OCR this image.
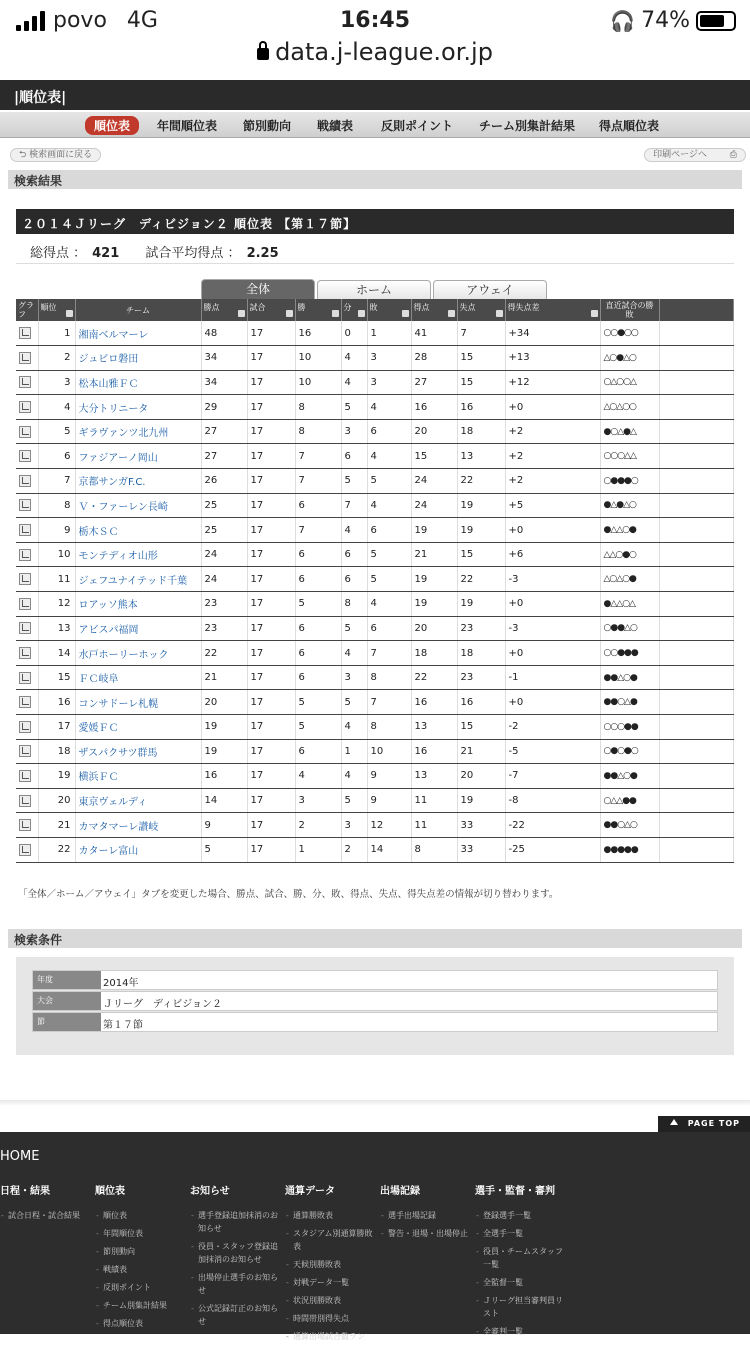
povo 4G	16:45	🎧 74%
data.j-league.or.jp
|順位表|
順位表	年間順位表 節別動向 戦績表 反則ポイント チーム別集計結果 得点順位表
⮌ 検索画面に戻る	印刷ページへ	⎙
検索結果
２０１４Ｊリーグ　ディビジョン２ 順位表 【第１７節】
総得点 ： 421 試合平均得点 ： 2.25
全体	ホーム	アウェイ
グラフ	順位	チーム	勝点	試合	勝	分	敗	得点	失点	得失点差	直近試合の勝敗	
	1	湘南ベルマーレ	48	17	16	0	1	41	7	+34	○○●○○	
	2	ジュビロ磐田	34	17	10	4	3	28	15	+13	△○●△○	
	3	松本山雅ＦＣ	34	17	10	4	3	27	15	+12	○△○○△	
	4	大分トリニータ	29	17	8	5	4	16	16	+0	△○△○○	
	5	ギラヴァンツ北九州	27	17	8	3	6	20	18	+2	●○△●△	
	6	ファジアーノ岡山	27	17	7	6	4	15	13	+2	○○○△△	
	7	京都サンガF.C.	26	17	7	5	5	24	22	+2	○●●●○	
	8	Ｖ・ファーレン長崎	25	17	6	7	4	24	19	+5	●△●△○	
	9	栃木ＳＣ	25	17	7	4	6	19	19	+0	●△△○●	
	10	モンテディオ山形	24	17	6	6	5	21	15	+6	△△○●○	
	11	ジェフユナイテッド千葉	24	17	6	6	5	19	22	-3	△○△○●	
	12	ロアッソ熊本	23	17	5	8	4	19	19	+0	●△△○△	
	13	アビスパ福岡	23	17	6	5	6	20	23	-3	○●●△○	
	14	水戸ホーリーホック	22	17	6	4	7	18	18	+0	○○●●●	
	15	ＦＣ岐阜	21	17	6	3	8	22	23	-1	●●△○●	
	16	コンサドーレ札幌	20	17	5	5	7	16	16	+0	●●○△●	
	17	愛媛ＦＣ	19	17	5	4	8	13	15	-2	○○○●●	
	18	ザスパクサツ群馬	19	17	6	1	10	16	21	-5	○●○●○	
	19	横浜ＦＣ	16	17	4	4	9	13	20	-7	●●△○●	
	20	東京ヴェルディ	14	17	3	5	9	11	19	-8	○△△●●	
	21	カマタマーレ讃岐	9	17	2	3	12	11	33	-22	●●○△○	
	22	カターレ富山	5	17	1	2	14	8	33	-25	●●●●●	
「全体／ホーム／アウェイ」タブを変更した場合、勝点、試合、勝、分、敗、得点、失点、得失点差の情報が切り替わります。
検索条件
年度	2014年
大会	Ｊリーグ　ディビジョン２
節	第１７節
PAGE TOP
HOME
日程・結果
- 試合日程・試合結果
順位表
- 順位表
- 年間順位表
- 節別動向
- 戦績表
- 反則ポイント
- チーム別集計結果
- 得点順位表
お知らせ
- 選手登録追加抹消のお知らせ
- 役員・スタッフ登録追加抹消のお知らせ
- 出場停止選手のお知らせ
- 公式記録訂正のお知らせ
通算データ
- 通算勝敗表
- スタジアム別通算勝敗表
- 天候別勝敗表
- 対戦データ一覧
- 状況別勝敗表
- 時間帯別得失点
- 通算出場試合数ラン
出場記録
- 選手出場記録
- 警告・退場・出場停止
選手・監督・審判
- 登録選手一覧
- 全選手一覧
- 役員・チームスタッフ一覧
- 全監督一覧
- Ｊリーグ担当審判員リスト
- 全審判一覧
